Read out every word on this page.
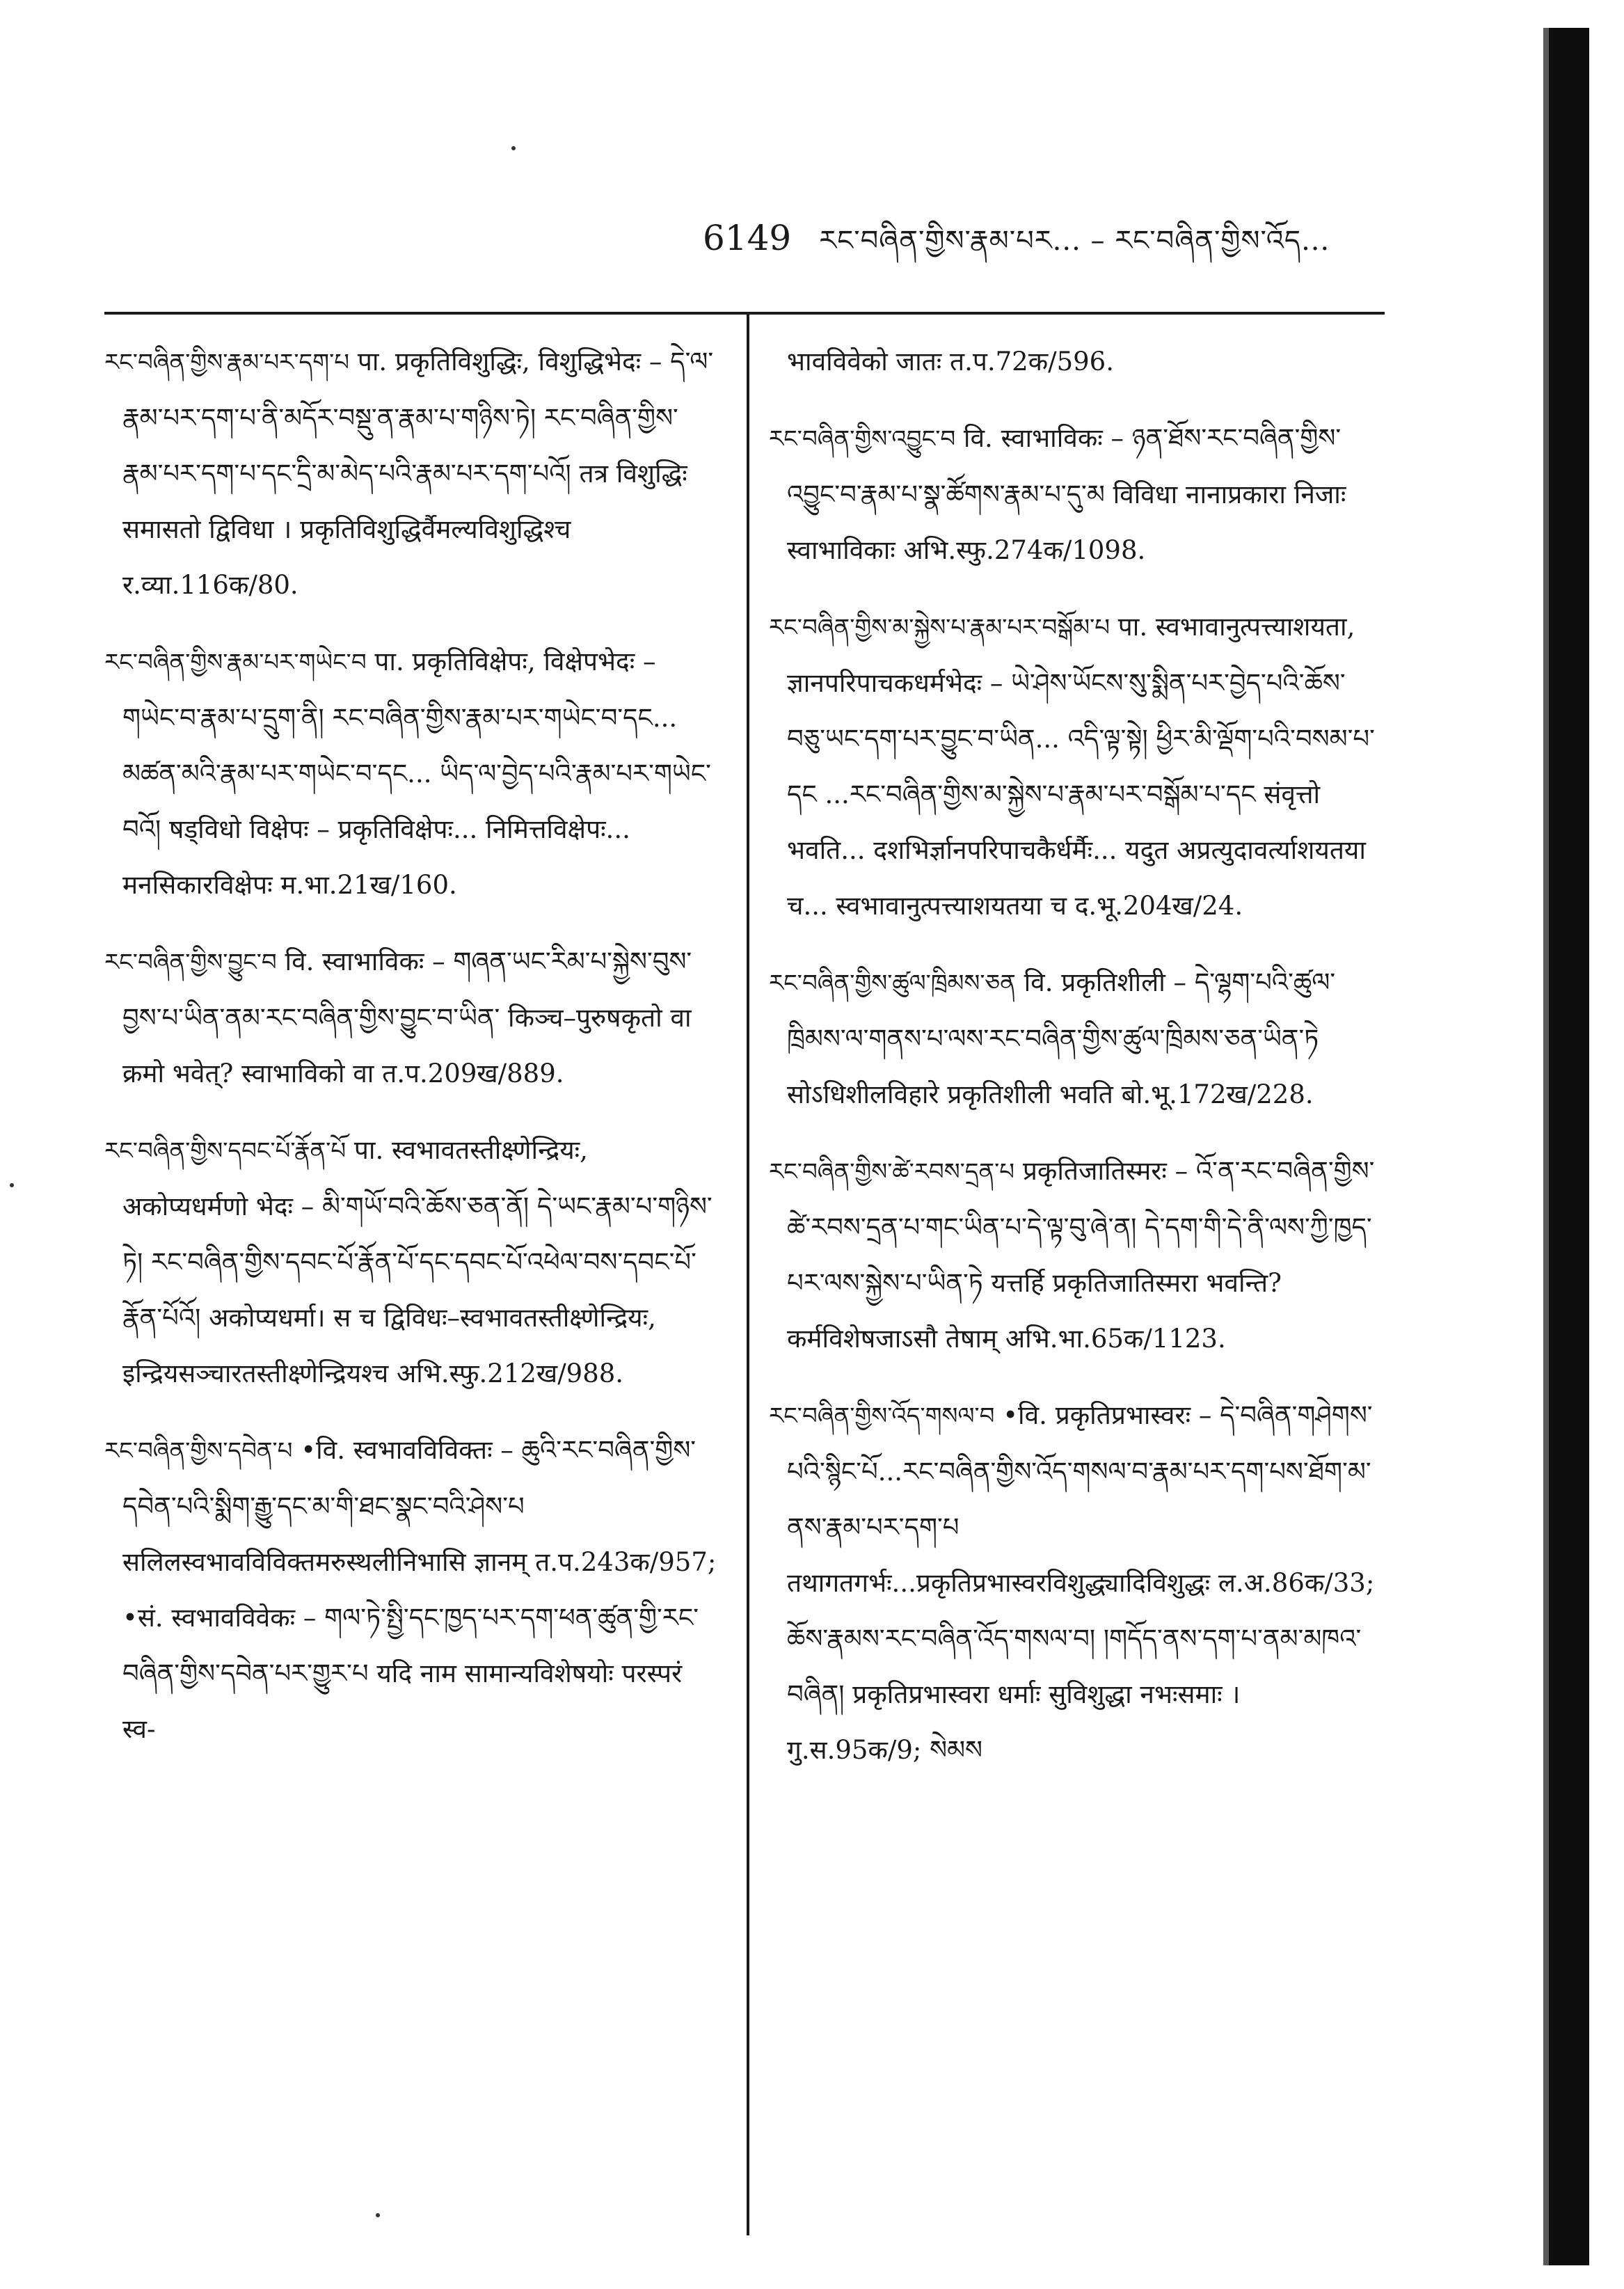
6149 རང་བཞིན་གྱིས་རྣམ་པར... – རང་བཞིན་གྱིས་འོད...

རང་བཞིན་གྱིས་རྣམ་པར་དག་པ पा. प्रकृतिविशुद्धिः, विशुद्धिभेदः – དེ་ལ་རྣམ་པར་དག་པ་ནི་མདོར་བསྡུ་ན་རྣམ་པ་གཉིས་ཏེ། རང་བཞིན་གྱིས་རྣམ་པར་དག་པ་དང་དྲི་མ་མེད་པའི་རྣམ་པར་དག་པའོ། तत्र विशुद्धिः समासतो द्विविधा । प्रकृतिविशुद्धिर्वैमल्यविशुद्धिश्च र.व्या.116क/80.

རང་བཞིན་གྱིས་རྣམ་པར་གཡེང་བ पा. प्रकृतिविक्षेपः, विक्षेपभेदः – གཡེང་བ་རྣམ་པ་དྲུག་ནི། རང་བཞིན་གྱིས་རྣམ་པར་གཡེང་བ་དང... མཚན་མའི་རྣམ་པར་གཡེང་བ་དང... ཡིད་ལ་བྱེད་པའི་རྣམ་པར་གཡེང་བའོ། षड्विधो विक्षेपः – प्रकृतिविक्षेपः... निमित्तविक्षेपः... मनसिकारविक्षेपः म.भा.21ख/160.

རང་བཞིན་གྱིས་བྱུང་བ वि. स्वाभाविकः – གཞན་ཡང་རིམ་པ་སྐྱེས་བུས་བྱས་པ་ཡིན་ནམ་རང་བཞིན་གྱིས་བྱུང་བ་ཡིན་ किञ्च–पुरुषकृतो वा क्रमो भवेत्? स्वाभाविको वा त.प.209ख/889.

རང་བཞིན་གྱིས་དབང་པོ་རྣོན་པོ पा. स्वभावतस्तीक्ष्णेन्द्रियः, अकोप्यधर्मणो भेदः – མི་གཡོ་བའི་ཆོས་ཅན་ནོ། དེ་ཡང་རྣམ་པ་གཉིས་ཏེ། རང་བཞིན་གྱིས་དབང་པོ་རྣོན་པོ་དང་དབང་པོ་འཕེལ་བས་དབང་པོ་རྣོན་པོའོ། अकोप्यधर्मा। स च द्विविधः–स्वभावतस्तीक्ष्णेन्द्रियः, इन्द्रियसञ्चारतस्तीक्ष्णेन्द्रियश्च अभि.स्फु.212ख/988.

རང་བཞིན་གྱིས་དབེན་པ •वि. स्वभावविविक्तः – ཆུའི་རང་བཞིན་གྱིས་དབེན་པའི་སྨིག་རྒྱུ་དང་མ་གི་ཐང་སྣང་བའི་ཤེས་པ सलिलस्वभावविविक्तमरुस्थलीनिभासि ज्ञानम् त.प.243क/957; •सं. स्वभावविवेकः – གལ་ཏེ་སྤྱི་དང་ཁྱད་པར་དག་ཕན་ཚུན་གྱི་རང་བཞིན་གྱིས་དབེན་པར་གྱུར་པ यदि नाम सामान्यविशेषयोः परस्परं स्व-

भावविवेको जातः त.प.72क/596.

རང་བཞིན་གྱིས་འབྱུང་བ वि. स्वाभाविकः – ཉན་ཐོས་རང་བཞིན་གྱིས་འབྱུང་བ་རྣམ་པ་སྣ་ཚོགས་རྣམ་པ་དུ་མ विविधा नानाप्रकारा निजाः स्वाभाविकाः अभि.स्फु.274क/1098.

རང་བཞིན་གྱིས་མ་སྐྱེས་པ་རྣམ་པར་བསྒོམ་པ पा. स्वभावानुत्पत्त्याशयता, ज्ञानपरिपाचकधर्मभेदः – ཡེ་ཤེས་ཡོངས་སུ་སྨིན་པར་བྱེད་པའི་ཆོས་བཅུ་ཡང་དག་པར་བྱུང་བ་ཡིན... འདི་ལྟ་སྟེ། ཕྱིར་མི་ལྡོག་པའི་བསམ་པ་དང ...རང་བཞིན་གྱིས་མ་སྐྱེས་པ་རྣམ་པར་བསྒོམ་པ་དང संवृत्तो भवति... दशभिर्ज्ञानपरिपाचकैर्धर्मैः... यदुत अप्रत्युदावर्त्याशयतया च... स्वभावानुत्पत्त्याशयतया च द.भू.204ख/24.

རང་བཞིན་གྱིས་ཚུལ་ཁྲིམས་ཅན वि. प्रकृतिशीली – དེ་ལྷག་པའི་ཚུལ་ཁྲིམས་ལ་གནས་པ་ལས་རང་བཞིན་གྱིས་ཚུལ་ཁྲིམས་ཅན་ཡིན་ཏེ सोऽधिशीलविहारे प्रकृतिशीली भवति बो.भू.172ख/228.

རང་བཞིན་གྱིས་ཚེ་རབས་དྲན་པ प्रकृतिजातिस्मरः – འོ་ན་རང་བཞིན་གྱིས་ཚེ་རབས་དྲན་པ་གང་ཡིན་པ་དེ་ལྟ་བུ་ཞེ་ན། དེ་དག་གི་དེ་ནི་ལས་ཀྱི་ཁྱད་པར་ལས་སྐྱེས་པ་ཡིན་ཏེ यत्तर्हि प्रकृतिजातिस्मरा भवन्ति? कर्मविशेषजाऽसौ तेषाम् अभि.भा.65क/1123.

རང་བཞིན་གྱིས་འོད་གསལ་བ •वि. प्रकृतिप्रभास्वरः – དེ་བཞིན་གཤེགས་པའི་སྙིང་པོ...རང་བཞིན་གྱིས་འོད་གསལ་བ་རྣམ་པར་དག་པས་ཐོག་མ་ནས་རྣམ་པར་དག་པ तथागतगर्भः...प्रकृतिप्रभास्वरविशुद्ध्यादिविशुद्धः ल.अ.86क/33; ཆོས་རྣམས་རང་བཞིན་འོད་གསལ་བ། །གདོད་ནས་དག་པ་ནམ་མཁའ་བཞིན། प्रकृतिप्रभास्वरा धर्माः सुविशुद्धा नभःसमाः । गु.स.95क/9; སེམས
